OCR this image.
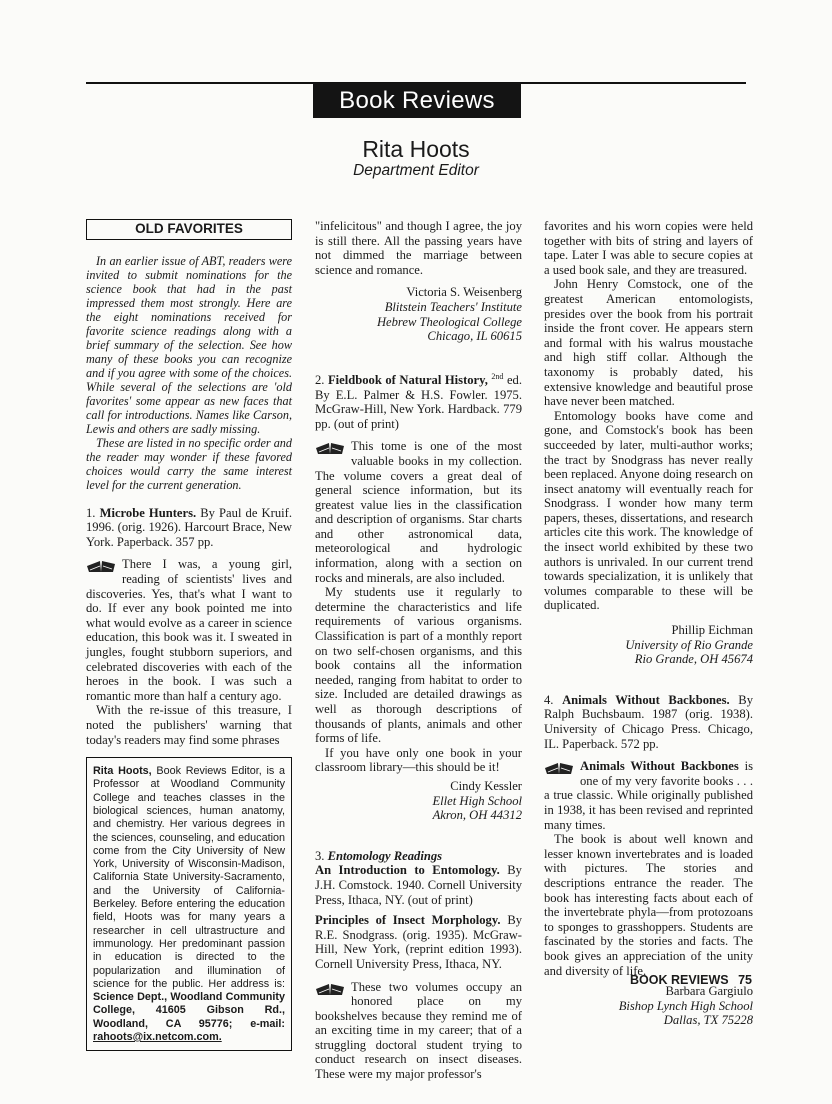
Book Reviews
Rita Hoots
Department Editor
OLD FAVORITES

In an earlier issue of ABT, readers were invited to submit nominations for the science book that had in the past impressed them most strongly. Here are the eight nominations received for favorite science readings along with a brief summary of the selection. See how many of these books you can recognize and if you agree with some of the choices. While several of the selections are 'old favorites' some appear as new faces that call for introductions. Names like Carson, Lewis and others are sadly missing.

These are listed in no specific order and the reader may wonder if these favored choices would carry the same interest level for the current generation.

1. Microbe Hunters. By Paul de Kruif. 1996. (orig. 1926). Harcourt Brace, New York. Paperback. 357 pp.

There I was, a young girl, reading of scientists' lives and discoveries. Yes, that's what I want to do. If ever any book pointed me into what would evolve as a career in science education, this book was it. I sweated in jungles, fought stubborn superiors, and celebrated discoveries with each of the heroes in the book. I was such a romantic more than half a century ago.

With the re-issue of this treasure, I noted the publishers' warning that today's readers may find some phrases

Rita Hoots, Book Reviews Editor, is a Professor at Woodland Community College and teaches classes in the biological sciences, human anatomy, and chemistry. Her various degrees in the sciences, counseling, and education come from the City University of New York, University of Wisconsin-Madison, California State University-Sacramento, and the University of California-Berkeley. Before entering the education field, Hoots was for many years a researcher in cell ultrastructure and immunology. Her predominant passion in education is directed to the popularization and illumination of science for the public. Her address is: Science Dept., Woodland Community College, 41605 Gibson Rd., Woodland, CA 95776; e-mail: rahoots@ix.netcom.com.

"infelicitous" and though I agree, the joy is still there. All the passing years have not dimmed the marriage between science and romance.

Victoria S. Weisenberg
Blitstein Teachers' Institute
Hebrew Theological College
Chicago, IL 60615

2. Fieldbook of Natural History, $^{2nd}$ ed. By E.L. Palmer & H.S. Fowler. 1975. McGraw-Hill, New York. Hardback. 779 pp. (out of print)

This tome is one of the most valuable books in my collection. The volume covers a great deal of general science information, but its greatest value lies in the classification and description of organisms. Star charts and other astronomical data, meteorological and hydrologic information, along with a section on rocks and minerals, are also included.

My students use it regularly to determine the characteristics and life requirements of various organisms. Classification is part of a monthly report on two self-chosen organisms, and this book contains all the information needed, ranging from habitat to order to size. Included are detailed drawings as well as thorough descriptions of thousands of plants, animals and other forms of life.

If you have only one book in your classroom library—this should be it!

Cindy Kessler
Ellet High School
Akron, OH 44312

3. Entomology Readings

An Introduction to Entomology. By J.H. Comstock. 1940. Cornell University Press, Ithaca, NY. (out of print)

Principles of Insect Morphology. By R.E. Snodgrass. (orig. 1935). McGraw-Hill, New York, (reprint edition 1993). Cornell University Press, Ithaca, NY.

These two volumes occupy an honored place on my bookshelves because they remind me of an exciting time in my career; that of a struggling doctoral student trying to conduct research on insect diseases. These were my major professor's

favorites and his worn copies were held together with bits of string and layers of tape. Later I was able to secure copies at a used book sale, and they are treasured.

John Henry Comstock, one of the greatest American entomologists, presides over the book from his portrait inside the front cover. He appears stern and formal with his walrus moustache and high stiff collar. Although the taxonomy is probably dated, his extensive knowledge and beautiful prose have never been matched.

Entomology books have come and gone, and Comstock's book has been succeeded by later, multi-author works; the tract by Snodgrass has never really been replaced. Anyone doing research on insect anatomy will eventually reach for Snodgrass. I wonder how many term papers, theses, dissertations, and research articles cite this work. The knowledge of the insect world exhibited by these two authors is unrivaled. In our current trend towards specialization, it is unlikely that volumes comparable to these will be duplicated.

Phillip Eichman
University of Rio Grande
Rio Grande, OH 45674

4. Animals Without Backbones. By Ralph Buchsbaum. 1987 (orig. 1938). University of Chicago Press. Chicago, IL. Paperback. 572 pp.

Animals Without Backbones is one of my very favorite books . . . a true classic. While originally published in 1938, it has been revised and reprinted many times.

The book is about well known and lesser known invertebrates and is loaded with pictures. The stories and descriptions entrance the reader. The book has interesting facts about each of the invertebrate phyla—from protozoans to sponges to grasshoppers. Students are fascinated by the stories and facts. The book gives an appreciation of the unity and diversity of life.

Barbara Gargiulo
Bishop Lynch High School
Dallas, TX 75228
BOOK REVIEWS 75
